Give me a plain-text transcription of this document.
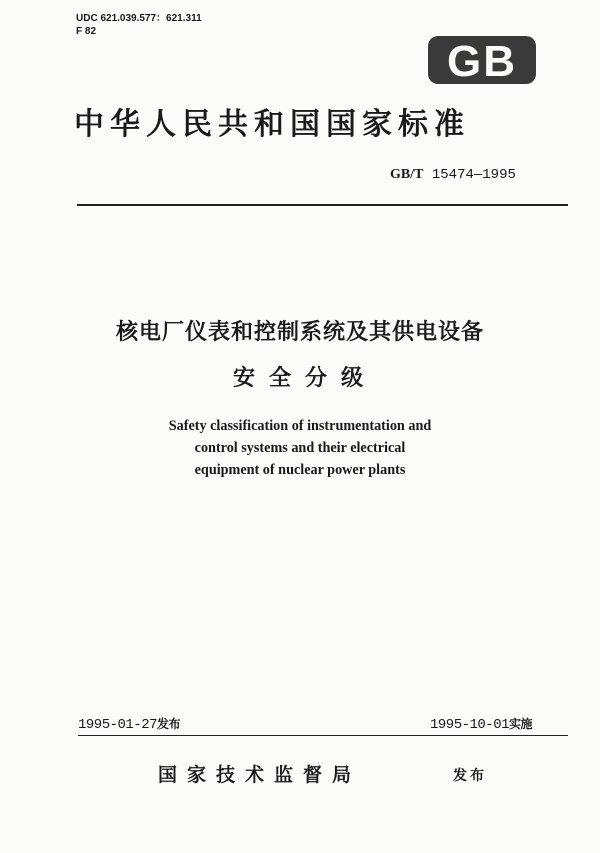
UDC 621.039.577：621.311
F 82
GB
中华人民共和国国家标准
GB/T 15474—1995
核电厂仪表和控制系统及其供电设备
安全分级
Safety classification of instrumentation and
control systems and their electrical
equipment of nuclear power plants
1995-01-27发布	1995-10-01实施
国家技术监督局	发布
